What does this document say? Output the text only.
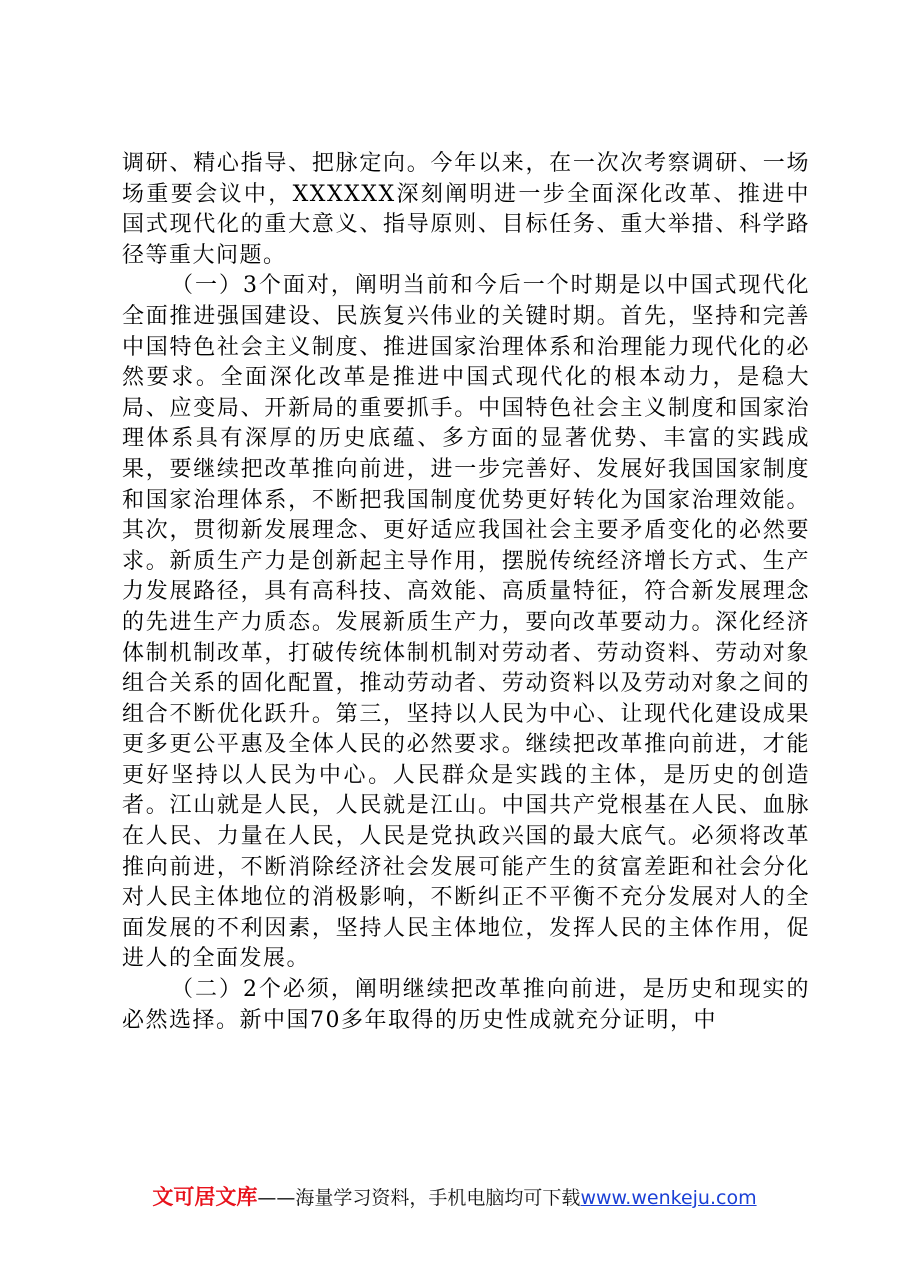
调研、精心指导、把脉定向。今年以来，在一次次考察调研、一场场重要会议中，XXXXXX深刻阐明进一步全面深化改革、推进中国式现代化的重大意义、指导原则、目标任务、重大举措、科学路径等重大问题。

（一）3个面对，阐明当前和今后一个时期是以中国式现代化全面推进强国建设、民族复兴伟业的关键时期。首先，坚持和完善中国特色社会主义制度、推进国家治理体系和治理能力现代化的必然要求。全面深化改革是推进中国式现代化的根本动力，是稳大局、应变局、开新局的重要抓手。中国特色社会主义制度和国家治理体系具有深厚的历史底蕴、多方面的显著优势、丰富的实践成果，要继续把改革推向前进，进一步完善好、发展好我国国家制度和国家治理体系，不断把我国制度优势更好转化为国家治理效能。其次，贯彻新发展理念、更好适应我国社会主要矛盾变化的必然要求。新质生产力是创新起主导作用，摆脱传统经济增长方式、生产力发展路径，具有高科技、高效能、高质量特征，符合新发展理念的先进生产力质态。发展新质生产力，要向改革要动力。深化经济体制机制改革，打破传统体制机制对劳动者、劳动资料、劳动对象组合关系的固化配置，推动劳动者、劳动资料以及劳动对象之间的组合不断优化跃升。第三，坚持以人民为中心、让现代化建设成果更多更公平惠及全体人民的必然要求。继续把改革推向前进，才能更好坚持以人民为中心。人民群众是实践的主体，是历史的创造者。江山就是人民，人民就是江山。中国共产党根基在人民、血脉在人民、力量在人民，人民是党执政兴国的最大底气。必须将改革推向前进，不断消除经济社会发展可能产生的贫富差距和社会分化对人民主体地位的消极影响，不断纠正不平衡不充分发展对人的全面发展的不利因素，坚持人民主体地位，发挥人民的主体作用，促进人的全面发展。

（二）2个必须，阐明继续把改革推向前进，是历史和现实的必然选择。新中国70多年取得的历史性成就充分证明，中

文可居文库——海量学习资料，手机电脑均可下载www.wenkeju.com
